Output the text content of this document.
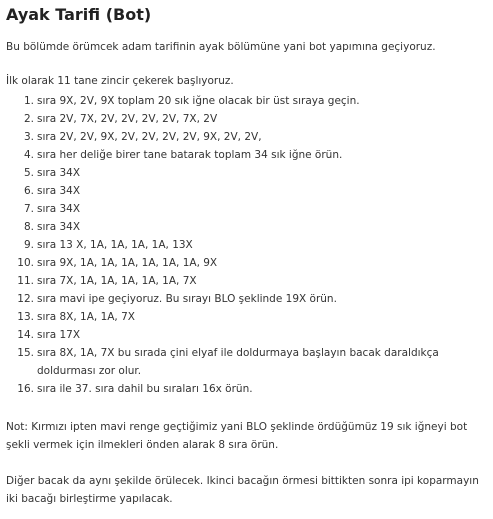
Ayak Tarifi (Bot)
Bu bölümde örümcek adam tarifinin ayak bölümüne yani bot yapımına geçiyoruz.
İlk olarak 11 tane zincir çekerek başlıyoruz.
1. sıra 9X, 2V, 9X toplam 20 sık iğne olacak bir üst sıraya geçin.
2. sıra 2V, 7X, 2V, 2V, 2V, 2V, 7X, 2V
3. sıra 2V, 2V, 9X, 2V, 2V, 2V, 2V, 9X, 2V, 2V,
4. sıra her deliğe birer tane batarak toplam 34 sık iğne örün.
5. sıra 34X
6. sıra 34X
7. sıra 34X
8. sıra 34X
9. sıra 13 X, 1A, 1A, 1A, 1A, 13X
10. sıra 9X, 1A, 1A, 1A, 1A, 1A, 1A, 9X
11. sıra 7X, 1A, 1A, 1A, 1A, 1A, 7X
12. sıra mavi ipe geçiyoruz. Bu sırayı BLO şeklinde 19X örün.
13. sıra 8X, 1A, 1A, 7X
14. sıra 17X
15. sıra 8X, 1A, 7X bu sırada çini elyaf ile doldurmaya başlayın bacak daraldıkça doldurması zor olur.
16. sıra ile 37. sıra dahil bu sıraları 16x örün.
Not: Kırmızı ipten mavi renge geçtiğimiz yani BLO şeklinde ördüğümüz 19 sık iğneyi bot şekli vermek için ilmekleri önden alarak 8 sıra örün.
Diğer bacak da aynı şekilde örülecek. Ikinci bacağın örmesi bittikten sonra ipi koparmayın iki bacağı birleştirme yapılacak.
